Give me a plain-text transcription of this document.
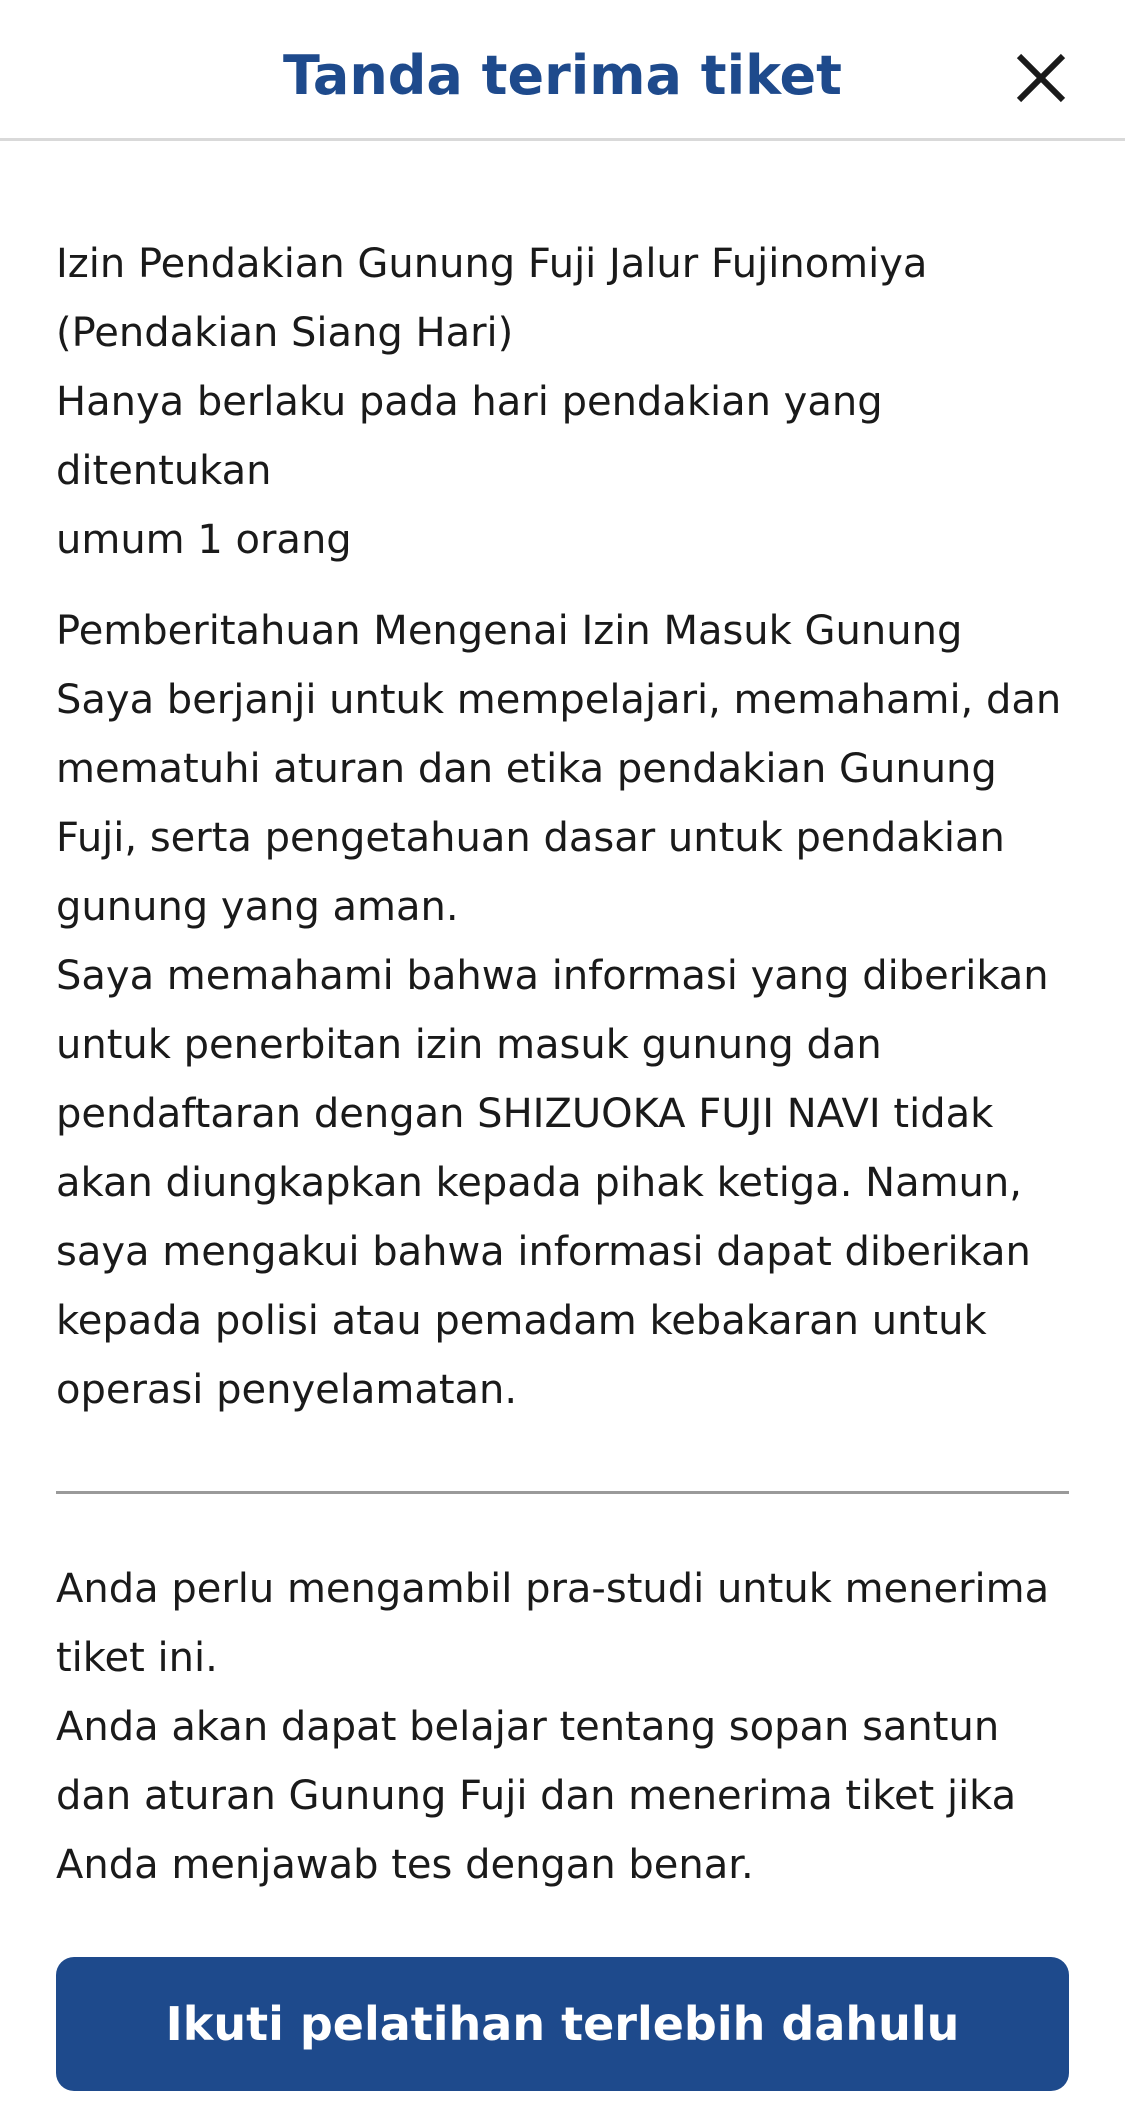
Tanda terima tiket

Izin Pendakian Gunung Fuji Jalur Fujinomiya
(Pendakian Siang Hari)
Hanya berlaku pada hari pendakian yang
ditentukan
umum 1 orang

Pemberitahuan Mengenai Izin Masuk Gunung
Saya berjanji untuk mempelajari, memahami, dan mematuhi aturan dan etika pendakian Gunung Fuji, serta pengetahuan dasar untuk pendakian gunung yang aman.
Saya memahami bahwa informasi yang diberikan untuk penerbitan izin masuk gunung dan pendaftaran dengan SHIZUOKA FUJI NAVI tidak akan diungkapkan kepada pihak ketiga. Namun, saya mengakui bahwa informasi dapat diberikan kepada polisi atau pemadam kebakaran untuk operasi penyelamatan.

Anda perlu mengambil pra-studi untuk menerima tiket ini.
Anda akan dapat belajar tentang sopan santun dan aturan Gunung Fuji dan menerima tiket jika Anda menjawab tes dengan benar.

Ikuti pelatihan terlebih dahulu
